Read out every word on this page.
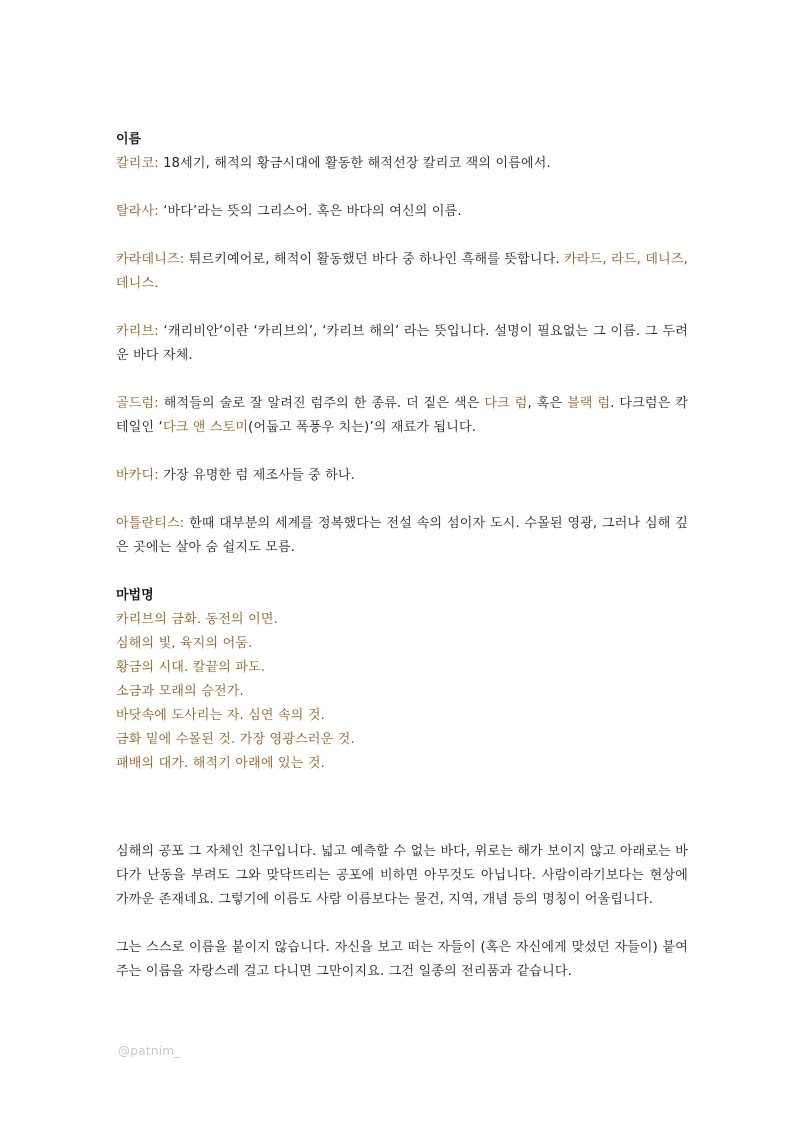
이름

칼리코: 18세기, 해적의 황금시대에 활동한 해적선장 칼리코 잭의 이름에서.

탈라사: ‘바다’라는 뜻의 그리스어. 혹은 바다의 여신의 이름.

카라데니즈: 튀르키예어로, 해적이 활동했던 바다 중 하나인 흑해를 뜻합니다. 카라드, 라드, 데니즈, 데니스.

카리브: ‘캐리비안’이란 ‘카리브의’, ‘카리브 해의’ 라는 뜻입니다. 설명이 필요없는 그 이름. 그 두려운 바다 자체.

골드럼: 해적들의 술로 잘 알려진 럼주의 한 종류. 더 짙은 색은 다크 럼, 혹은 블랙 럼. 다크럼은 칵테일인 ‘다크 앤 스토미(어둡고 폭풍우 치는)’의 재료가 됩니다.

바카디: 가장 유명한 럼 제조사들 중 하나.

아틀란티스: 한때 대부분의 세계를 정복했다는 전설 속의 섬이자 도시. 수몰된 영광, 그러나 심해 깊은 곳에는 살아 숨 쉴지도 모름.

마법명

카리브의 금화. 동전의 이면.

심해의 빛, 육지의 어둠.

황금의 시대. 칼끝의 파도.

소금과 모래의 승전가.

바닷속에 도사리는 자. 심연 속의 것.

금화 밑에 수몰된 것. 가장 영광스러운 것.

패배의 대가. 해적기 아래에 있는 것.

심해의 공포 그 자체인 친구입니다. 넓고 예측할 수 없는 바다, 위로는 해가 보이지 않고 아래로는 바다가 난동을 부려도 그와 맞닥뜨리는 공포에 비하면 아무것도 아닙니다. 사람이라기보다는 현상에 가까운 존재네요. 그렇기에 이름도 사람 이름보다는 물건, 지역, 개념 등의 명칭이 어울립니다.

그는 스스로 이름을 붙이지 않습니다. 자신을 보고 떠는 자들이 (혹은 자신에게 맞섰던 자들이) 붙여주는 이름을 자랑스레 걸고 다니면 그만이지요. 그건 일종의 전리품과 같습니다.

@patnim_
